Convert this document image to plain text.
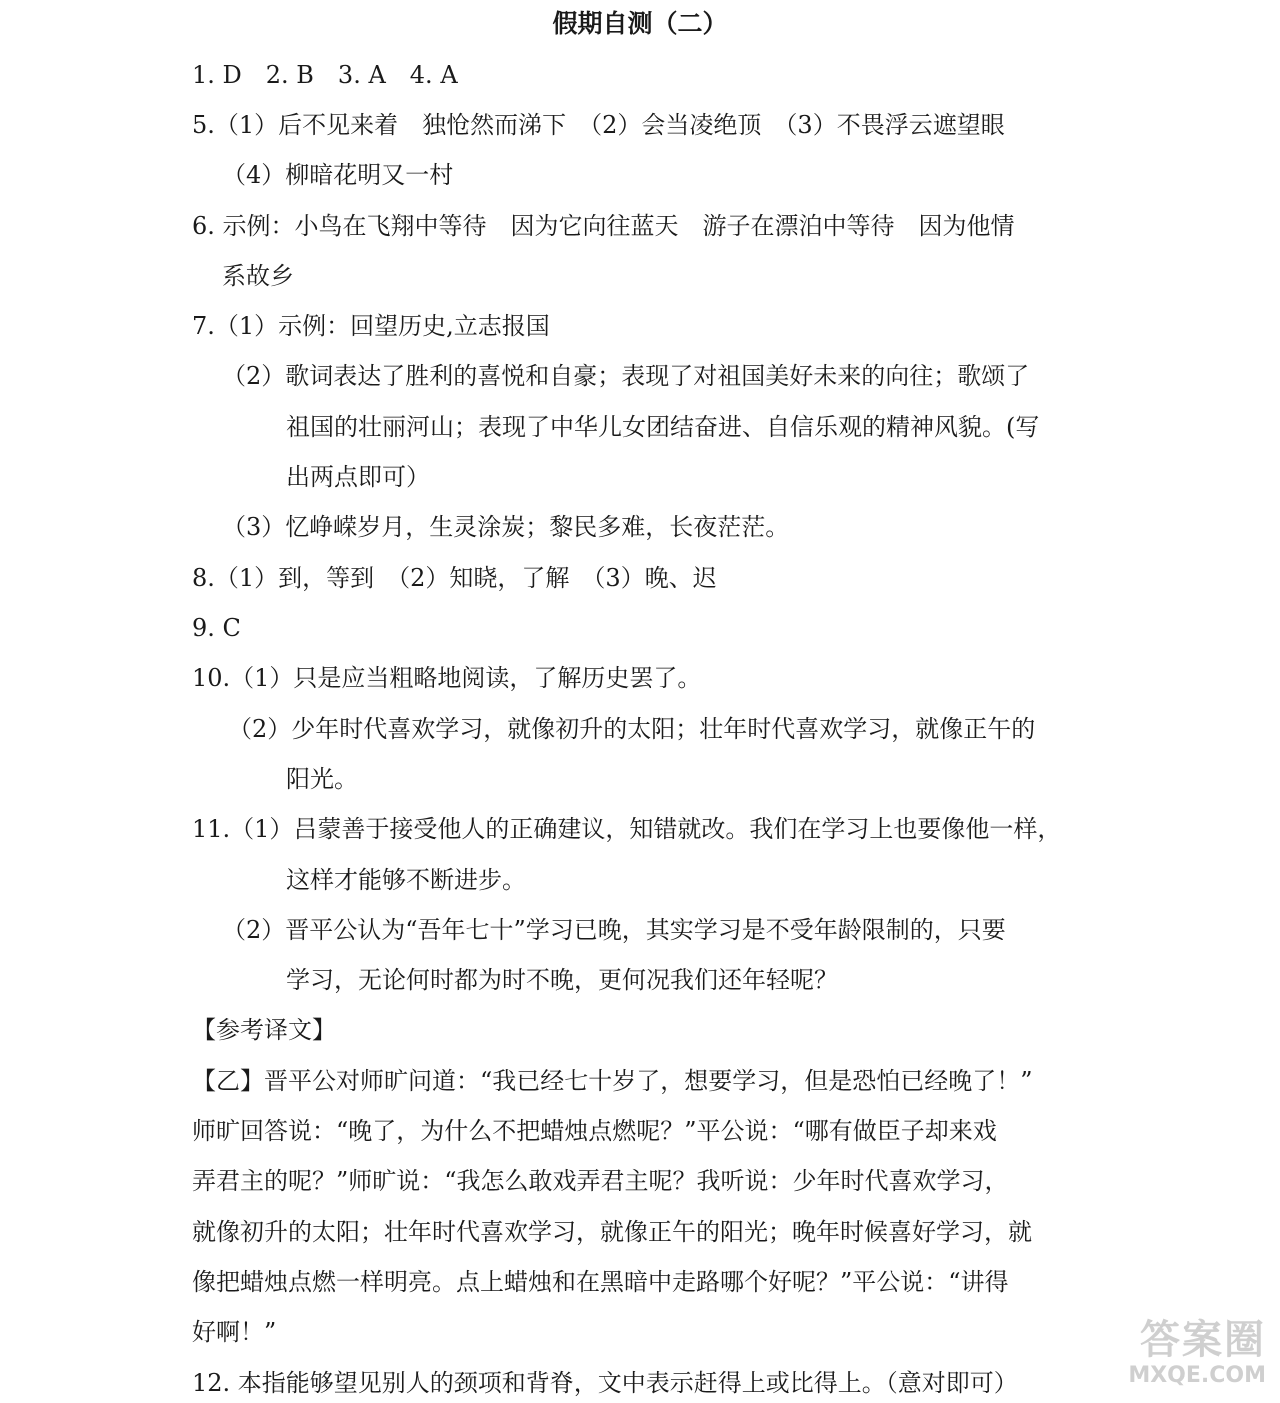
假期自测（二）
1. D　2. B　3. A　4. A
5.（1）后不见来着　独怆然而涕下　（2）会当凌绝顶　（3）不畏浮云遮望眼
（4）柳暗花明又一村
6. 示例：小鸟在飞翔中等待　因为它向往蓝天　游子在漂泊中等待　因为他情
系故乡
7.（1）示例：回望历史,立志报国
（2）歌词表达了胜利的喜悦和自豪；表现了对祖国美好未来的向往；歌颂了
祖国的壮丽河山；表现了中华儿女团结奋进、自信乐观的精神风貌。(写
出两点即可）
（3）忆峥嵘岁月，生灵涂炭；黎民多难，长夜茫茫。
8.（1）到，等到　（2）知晓，了解　（3）晚、迟
9. C
10.（1）只是应当粗略地阅读，了解历史罢了。
（2）少年时代喜欢学习，就像初升的太阳；壮年时代喜欢学习，就像正午的
阳光。
11.（1）吕蒙善于接受他人的正确建议，知错就改。我们在学习上也要像他一样，
这样才能够不断进步。
（2）晋平公认为“吾年七十”学习已晚，其实学习是不受年龄限制的，只要
学习，无论何时都为时不晚，更何况我们还年轻呢？
【参考译文】
【乙】晋平公对师旷问道：“我已经七十岁了，想要学习，但是恐怕已经晚了！”
师旷回答说：“晚了，为什么不把蜡烛点燃呢？”平公说：“哪有做臣子却来戏
弄君主的呢？”师旷说：“我怎么敢戏弄君主呢？我听说：少年时代喜欢学习，
就像初升的太阳；壮年时代喜欢学习，就像正午的阳光；晚年时候喜好学习，就
像把蜡烛点燃一样明亮。点上蜡烛和在黑暗中走路哪个好呢？”平公说：“讲得
好啊！”
12. 本指能够望见别人的颈项和背脊，文中表示赶得上或比得上。（意对即可）
答案圈
MXQE.COM
